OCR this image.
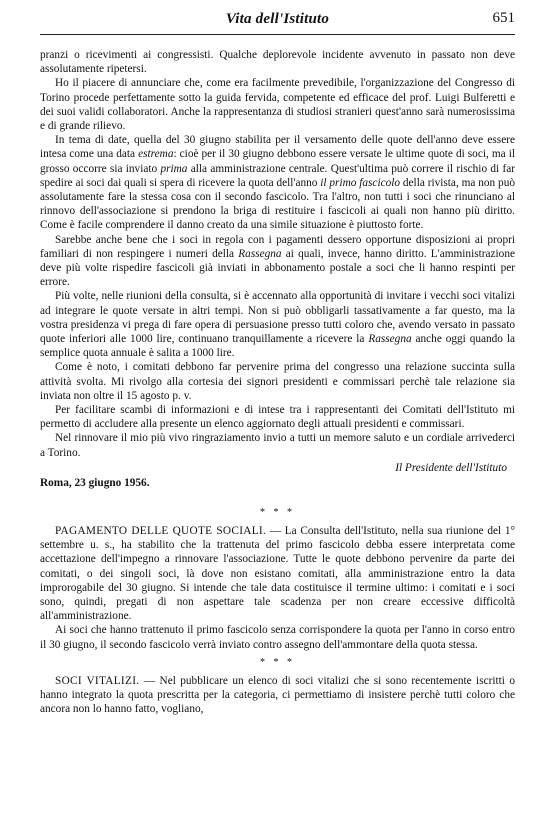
Vita dell'Istituto	651

pranzi o ricevimenti ai congressisti. Qualche deplorevole incidente avvenuto in passato non deve assolutamente ripetersi.

Ho il piacere di annunciare che, come era facilmente prevedibile, l'organizzazione del Congresso di Torino procede perfettamente sotto la guida fervida, competente ed efficace del prof. Luigi Bulferetti e dei suoi validi collaboratori. Anche la rappresentanza di studiosi stranieri quest'anno sarà numerosissima e di grande rilievo.

In tema di date, quella del 30 giugno stabilita per il versamento delle quote dell'anno deve essere intesa come una data estrema: cioè per il 30 giugno debbono essere versate le ultime quote di soci, ma il grosso occorre sia inviato prima alla amministrazione centrale. Quest'ultima può correre il rischio di far spedire ai soci dai quali si spera di ricevere la quota dell'anno il primo fascicolo della rivista, ma non può assolutamente fare la stessa cosa con il secondo fascicolo. Tra l'altro, non tutti i soci che rinunciano al rinnovo dell'associazione si prendono la briga di restituire i fascicoli ai quali non hanno più diritto. Come è facile comprendere il danno creato da una simile situazione è piuttosto forte.

Sarebbe anche bene che i soci in regola con i pagamenti dessero opportune disposizioni ai propri familiari di non respingere i numeri della Rassegna ai quali, invece, hanno diritto. L'amministrazione deve più volte rispedire fascicoli già inviati in abbonamento postale a soci che li hanno respinti per errore.

Più volte, nelle riunioni della consulta, si è accennato alla opportunità di invitare i vecchi soci vitalizi ad integrare le quote versate in altri tempi. Non si può obbligarli tassativamente a far questo, ma la vostra presidenza vi prega di fare opera di persuasione presso tutti coloro che, avendo versato in passato quote inferiori alle 1000 lire, continuano tranquillamente a ricevere la Rassegna anche oggi quando la semplice quota annuale è salita a 1000 lire.

Come è noto, i comitati debbono far pervenire prima del congresso una relazione succinta sulla attività svolta. Mi rivolgo alla cortesia dei signori presidenti e commissari perchè tale relazione sia inviata non oltre il 15 agosto p. v.

Per facilitare scambi di informazioni e di intese tra i rappresentanti dei Comitati dell'Istituto mi permetto di accludere alla presente un elenco aggiornato degli attuali presidenti e commissari.

Nel rinnovare il mio più vivo ringraziamento invio a tutti un memore saluto e un cordiale arrivederci a Torino.

Il Presidente dell'Istituto
Roma, 23 giugno 1956.
* * *

PAGAMENTO DELLE QUOTE SOCIALI. — La Consulta dell'Istituto, nella sua riunione del 1° settembre u. s., ha stabilito che la trattenuta del primo fascicolo debba essere interpretata come accettazione dell'impegno a rinnovare l'associazione. Tutte le quote debbono pervenire da parte dei comitati, o dei singoli soci, là dove non esistano comitati, alla amministrazione entro la data improrogabile del 30 giugno. Si intende che tale data costituisce il termine ultimo: i comitati e i soci sono, quindi, pregati di non aspettare tale scadenza per non creare eccessive difficoltà all'amministrazione.

Ai soci che hanno trattenuto il primo fascicolo senza corrispondere la quota per l'anno in corso entro il 30 giugno, il secondo fascicolo verrà inviato contro assegno dell'ammontare della quota stessa.

* * *

SOCI VITALIZI. — Nel pubblicare un elenco di soci vitalizi che si sono recentemente iscritti o hanno integrato la quota prescritta per la categoria, ci permettiamo di insistere perchè tutti coloro che ancora non lo hanno fatto, vogliano,
